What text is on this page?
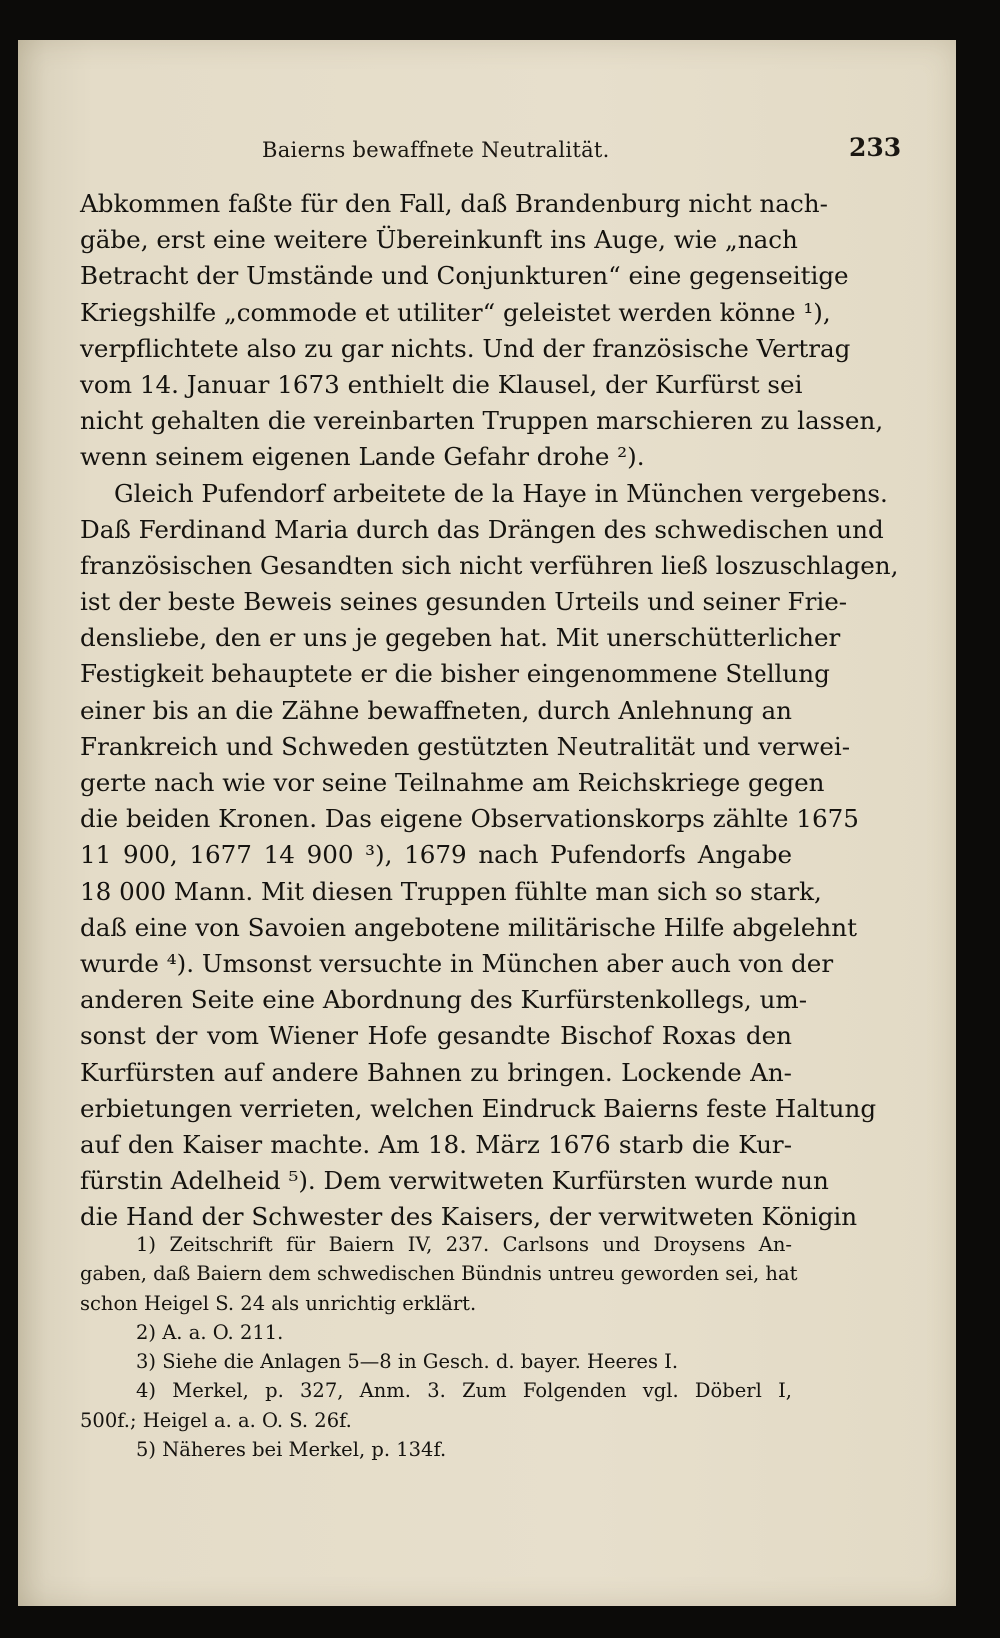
Baierns bewaffnete Neutralität.	233
Abkommen faßte für den Fall, daß Brandenburg nicht nach-
gäbe, erst eine weitere Übereinkunft ins Auge, wie „nach
Betracht der Umstände und Conjunkturen“ eine gegenseitige
Kriegshilfe „commode et utiliter“ geleistet werden könne ¹),
verpflichtete also zu gar nichts. Und der französische Vertrag
vom 14. Januar 1673 enthielt die Klausel, der Kurfürst sei
nicht gehalten die vereinbarten Truppen marschieren zu lassen,
wenn seinem eigenen Lande Gefahr drohe ²).
Gleich Pufendorf arbeitete de la Haye in München vergebens.
Daß Ferdinand Maria durch das Drängen des schwedischen und
französischen Gesandten sich nicht verführen ließ loszuschlagen,
ist der beste Beweis seines gesunden Urteils und seiner Frie-
densliebe, den er uns je gegeben hat. Mit unerschütterlicher
Festigkeit behauptete er die bisher eingenommene Stellung
einer bis an die Zähne bewaffneten, durch Anlehnung an
Frankreich und Schweden gestützten Neutralität und verwei-
gerte nach wie vor seine Teilnahme am Reichskriege gegen
die beiden Kronen. Das eigene Observationskorps zählte 1675
11 900, 1677 14 900 ³), 1679 nach Pufendorfs Angabe
18 000 Mann. Mit diesen Truppen fühlte man sich so stark,
daß eine von Savoien angebotene militärische Hilfe abgelehnt
wurde ⁴). Umsonst versuchte in München aber auch von der
anderen Seite eine Abordnung des Kurfürstenkollegs, um-
sonst der vom Wiener Hofe gesandte Bischof Roxas den
Kurfürsten auf andere Bahnen zu bringen. Lockende An-
erbietungen verrieten, welchen Eindruck Baierns feste Haltung
auf den Kaiser machte. Am 18. März 1676 starb die Kur-
fürstin Adelheid ⁵). Dem verwitweten Kurfürsten wurde nun
die Hand der Schwester des Kaisers, der verwitweten Königin
1) Zeitschrift für Baiern IV, 237. Carlsons und Droysens An-
gaben, daß Baiern dem schwedischen Bündnis untreu geworden sei, hat
schon Heigel S. 24 als unrichtig erklärt.
2) A. a. O. 211.
3) Siehe die Anlagen 5—8 in Gesch. d. bayer. Heeres I.
4) Merkel, p. 327, Anm. 3. Zum Folgenden vgl. Döberl I,
500f.; Heigel a. a. O. S. 26f.
5) Näheres bei Merkel, p. 134f.
